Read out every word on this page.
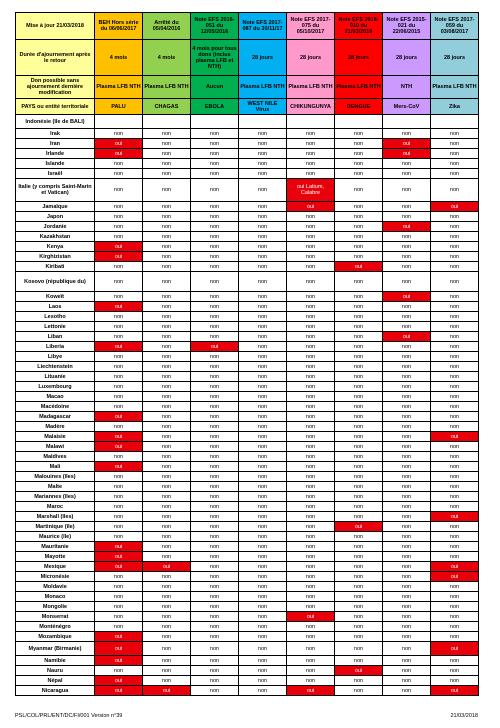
Mise à jour 21/03/2018	BEH Hors série du 06/06/2017	Arrêté du 05/04/2016	Note EFS 2016-051 du 12/05/2016	Note EFS 2017-087 du 30/11/17	Note EFS 2017-075 du 05/10/2017	Note EFS 2018-010 du 21/03/2018	Note EFS 2015-021 du 22/06/2015	Note EFS 2017-059 du 03/08/2017
Durée d'ajournement après le retour	4 mois	4 mois	4 mois pour tous dons (inclus plasma LFB et NTH)	28 jours	28 jours	28 jours	28 jours	28 jours
Don possible sans ajournement dernière modification	Plasma LFB NTH	Plasma LFB NTH	Aucun	Plasma LFB NTH	Plasma LFB NTH	Plasma LFB NTH	NTH	Plasma LFB NTH
PAYS ou entité territoriale	PALU	CHAGAS	EBOLA	WEST NILE Virus	CHIKUNGUNYA	DENGUE	Mers-CoV	Zika
Indonésie (île de BALI)								
Irak	non	non	non	non	non	non	non	non
Iran	oui	non	non	non	non	non	oui	non
Irlande	oui	non	non	non	non	non	oui	non
Islande	non	non	non	non	non	non	non	non
Israël	non	non	non	non	non	non	non	non
Italie (y compris Saint-Marin et Vatican)	non	non	non	non	oui Latium, Calabre	non	non	non
Jamaïque	non	non	non	non	oui	non	non	oui
Japon	non	non	non	non	non	non	non	non
Jordanie	non	non	non	non	non	non	oui	non
Kazakhstan	non	non	non	non	non	non	non	non
Kenya	oui	non	non	non	non	non	non	non
Kirghizistan	oui	non	non	non	non	non	non	non
Kiribati	non	non	non	non	non	oui	non	non
Kosovo (république du)	non	non	non	non	non	non	non	non
Koweït	non	non	non	non	non	non	oui	non
Laos	oui	non	non	non	non	non	non	non
Lesotho	non	non	non	non	non	non	non	non
Lettonie	non	non	non	non	non	non	non	non
Liban	non	non	non	non	non	non	oui	non
Liberia	oui	non	oui	non	non	non	non	non
Libye	non	non	non	non	non	non	non	non
Liechtenstein	non	non	non	non	non	non	non	non
Lituanie	non	non	non	non	non	non	non	non
Luxembourg	non	non	non	non	non	non	non	non
Macao	non	non	non	non	non	non	non	non
Macédoine	non	non	non	non	non	non	non	non
Madagascar	oui	non	non	non	non	non	non	non
Madère	non	non	non	non	non	non	non	non
Malaisie	oui	non	non	non	non	non	non	oui
Malawi	oui	non	non	non	non	non	non	non
Maldives	non	non	non	non	non	non	non	non
Mali	oui	non	non	non	non	non	non	non
Malouines (îles)	non	non	non	non	non	non	non	non
Malte	non	non	non	non	non	non	non	non
Mariannes (îles)	non	non	non	non	non	non	non	non
Maroc	non	non	non	non	non	non	non	non
Marshall (îles)	non	non	non	non	non	non	non	oui
Martinique (île)	non	non	non	non	non	oui	non	non
Maurice (île)	non	non	non	non	non	non	non	non
Mauritanie	oui	non	non	non	non	non	non	non
Mayotte	oui	non	non	non	non	non	non	non
Mexique	oui	oui	non	non	non	non	non	oui
Micronésie	non	non	non	non	non	non	non	oui
Moldavie	non	non	non	non	non	non	non	non
Monaco	non	non	non	non	non	non	non	non
Mongolie	non	non	non	non	non	non	non	non
Monserrat	non	non	non	non	oui	non	non	non
Monténégro	non	non	non	non	non	non	non	non
Mozambique	oui	non	non	non	non	non	non	non
Myanmar (Birmanie)	oui	non	non	non	non	non	non	oui
Namibie	oui	non	non	non	non	non	non	non
Nauru	non	non	non	non	non	oui	non	non
Népal	oui	non	non	non	non	non	non	non
Nicaragua	oui	oui	non	non	oui	non	non	oui
PSL/COL/PRL/ENT/DC/FI/001 Version n°39	21/03/2018
